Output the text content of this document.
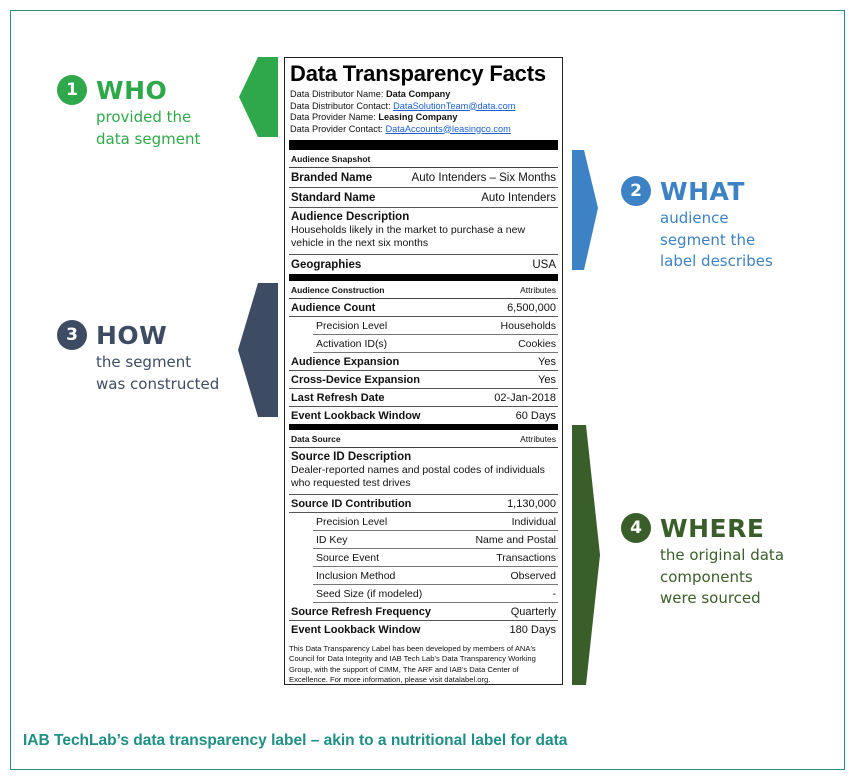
1 WHO
provided the
data segment
2 WHAT
audience
segment the
label describes
3 HOW
the segment
was constructed
4 WHERE
the original data
components
were sourced
Data Transparency Facts
Data Distributor Name: Data Company
Data Distributor Contact: DataSolutionTeam@data.com
Data Provider Name: Leasing Company
Data Provider Contact: DataAccounts@leasingco.com
Audience Snapshot
Branded Name	Auto Intenders – Six Months
Standard Name	Auto Intenders
Audience Description
Households likely in the market to purchase a new vehicle in the next six months
Geographies	USA
Audience Construction	Attributes
Audience Count	6,500,000
Precision Level	Households
Activation ID(s)	Cookies
Audience Expansion	Yes
Cross-Device Expansion	Yes
Last Refresh Date	02-Jan-2018
Event Lookback Window	60 Days
Data Source	Attributes
Source ID Description
Dealer-reported names and postal codes of individuals who requested test drives
Source ID Contribution	1,130,000
Precision Level	Individual
ID Key	Name and Postal
Source Event	Transactions
Inclusion Method	Observed
Seed Size (if modeled)	-
Source Refresh Frequency	Quarterly
Event Lookback Window	180 Days
This Data Transparency Label has been developed by members of ANA's Council for Data Integrity and IAB Tech Lab's Data Transparency Working Group, with the support of CIMM, The ARF and IAB's Data Center of Excellence. For more information, please visit datalabel.org.
IAB TechLab’s data transparency label – akin to a nutritional label for data
